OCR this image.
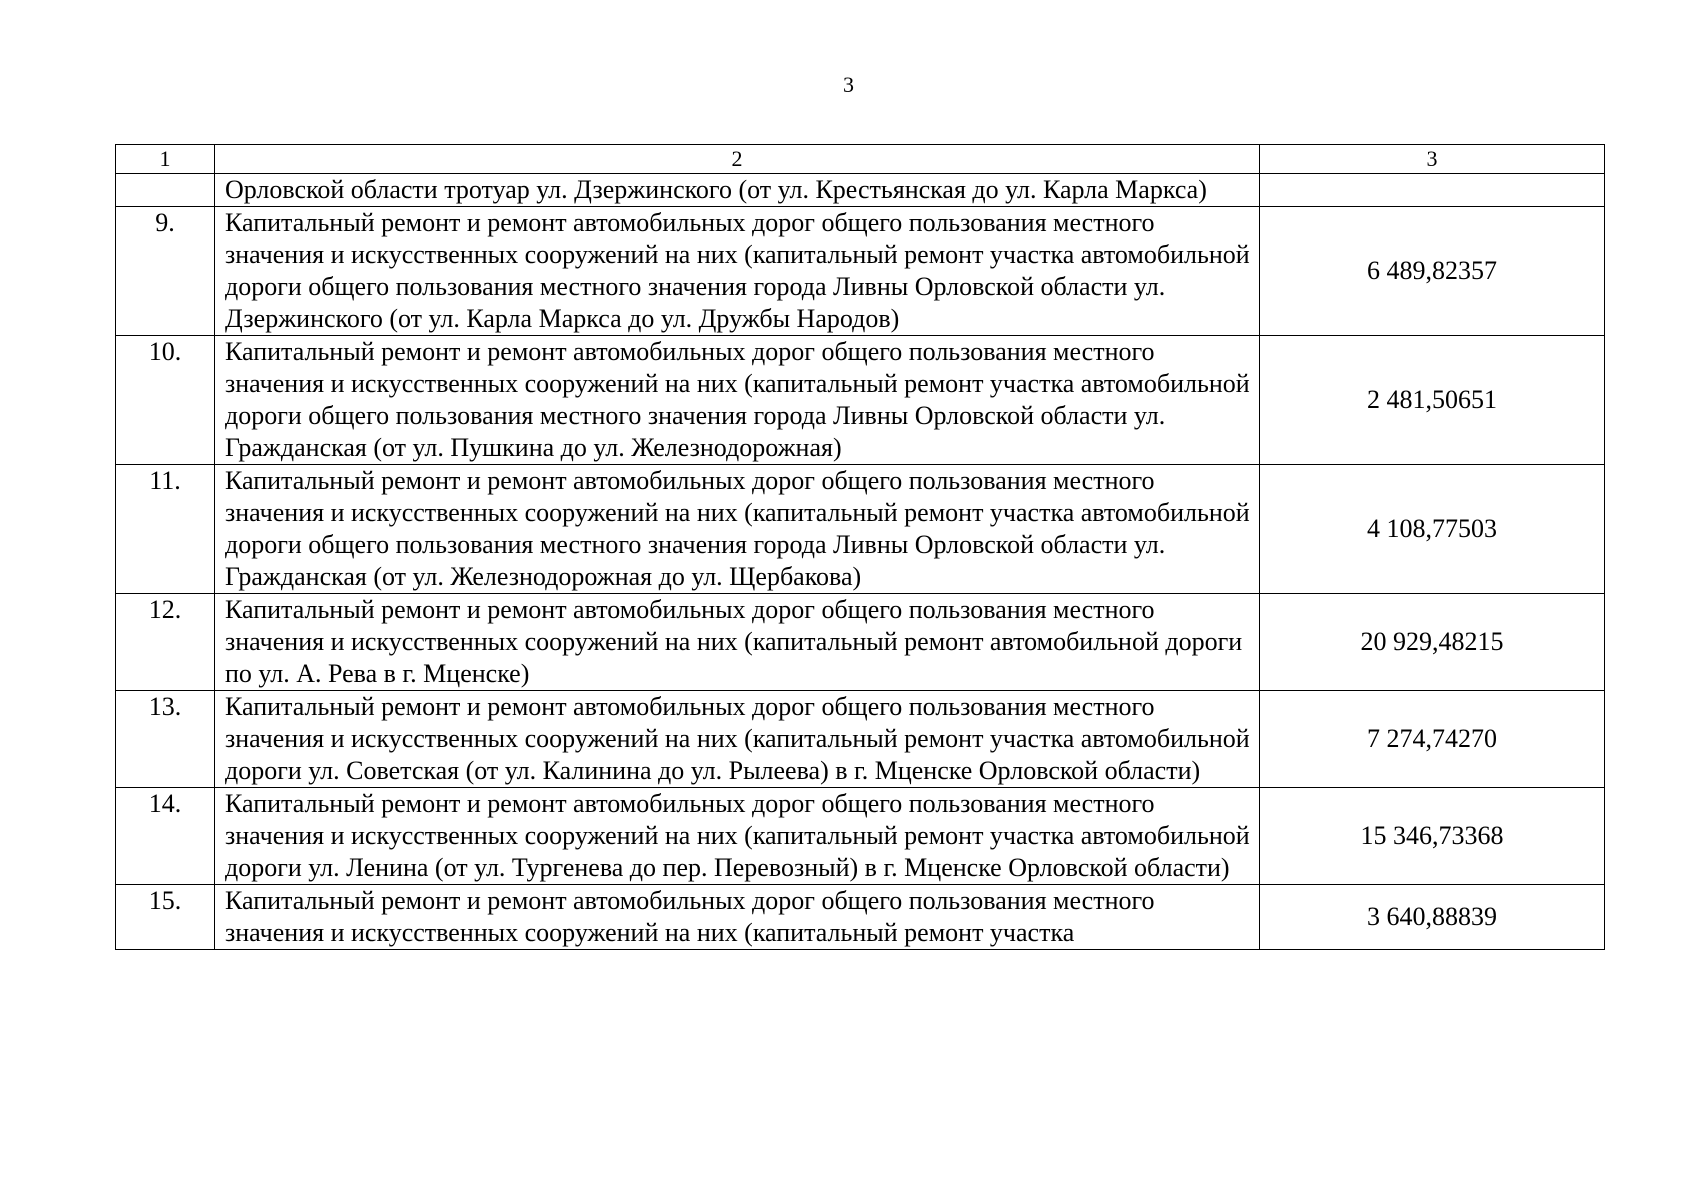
3
1	2	3
	Орловской области тротуар ул. Дзержинского (от ул. Крестьянская до ул. Карла Маркса)	
9.	Капитальный ремонт и ремонт автомобильных дорог общего пользования местного значения и искусственных сооружений на них (капитальный ремонт участка автомобильной дороги общего пользования местного значения города Ливны Орловской области ул. Дзержинского (от ул. Карла Маркса до ул. Дружбы Народов)	6 489,82357
10.	Капитальный ремонт и ремонт автомобильных дорог общего пользования местного значения и искусственных сооружений на них (капитальный ремонт участка автомобильной дороги общего пользования местного значения города Ливны Орловской области ул. Гражданская (от ул. Пушкина до ул. Железнодорожная)	2 481,50651
11.	Капитальный ремонт и ремонт автомобильных дорог общего пользования местного значения и искусственных сооружений на них (капитальный ремонт участка автомобильной дороги общего пользования местного значения города Ливны Орловской области ул. Гражданская (от ул. Железнодорожная до ул. Щербакова)	4 108,77503
12.	Капитальный ремонт и ремонт автомобильных дорог общего пользования местного значения и искусственных сооружений на них (капитальный ремонт автомобильной дороги по ул. А. Рева в г. Мценске)	20 929,48215
13.	Капитальный ремонт и ремонт автомобильных дорог общего пользования местного значения и искусственных сооружений на них (капитальный ремонт участка автомобильной дороги ул. Советская (от ул. Калинина до ул. Рылеева) в г. Мценске Орловской области)	7 274,74270
14.	Капитальный ремонт и ремонт автомобильных дорог общего пользования местного значения и искусственных сооружений на них (капитальный ремонт участка автомобильной дороги ул. Ленина (от ул. Тургенева до пер. Перевозный) в г. Мценске Орловской области)	15 346,73368
15.	Капитальный ремонт и ремонт автомобильных дорог общего пользования местного значения и искусственных сооружений на них (капитальный ремонт участка	3 640,88839
